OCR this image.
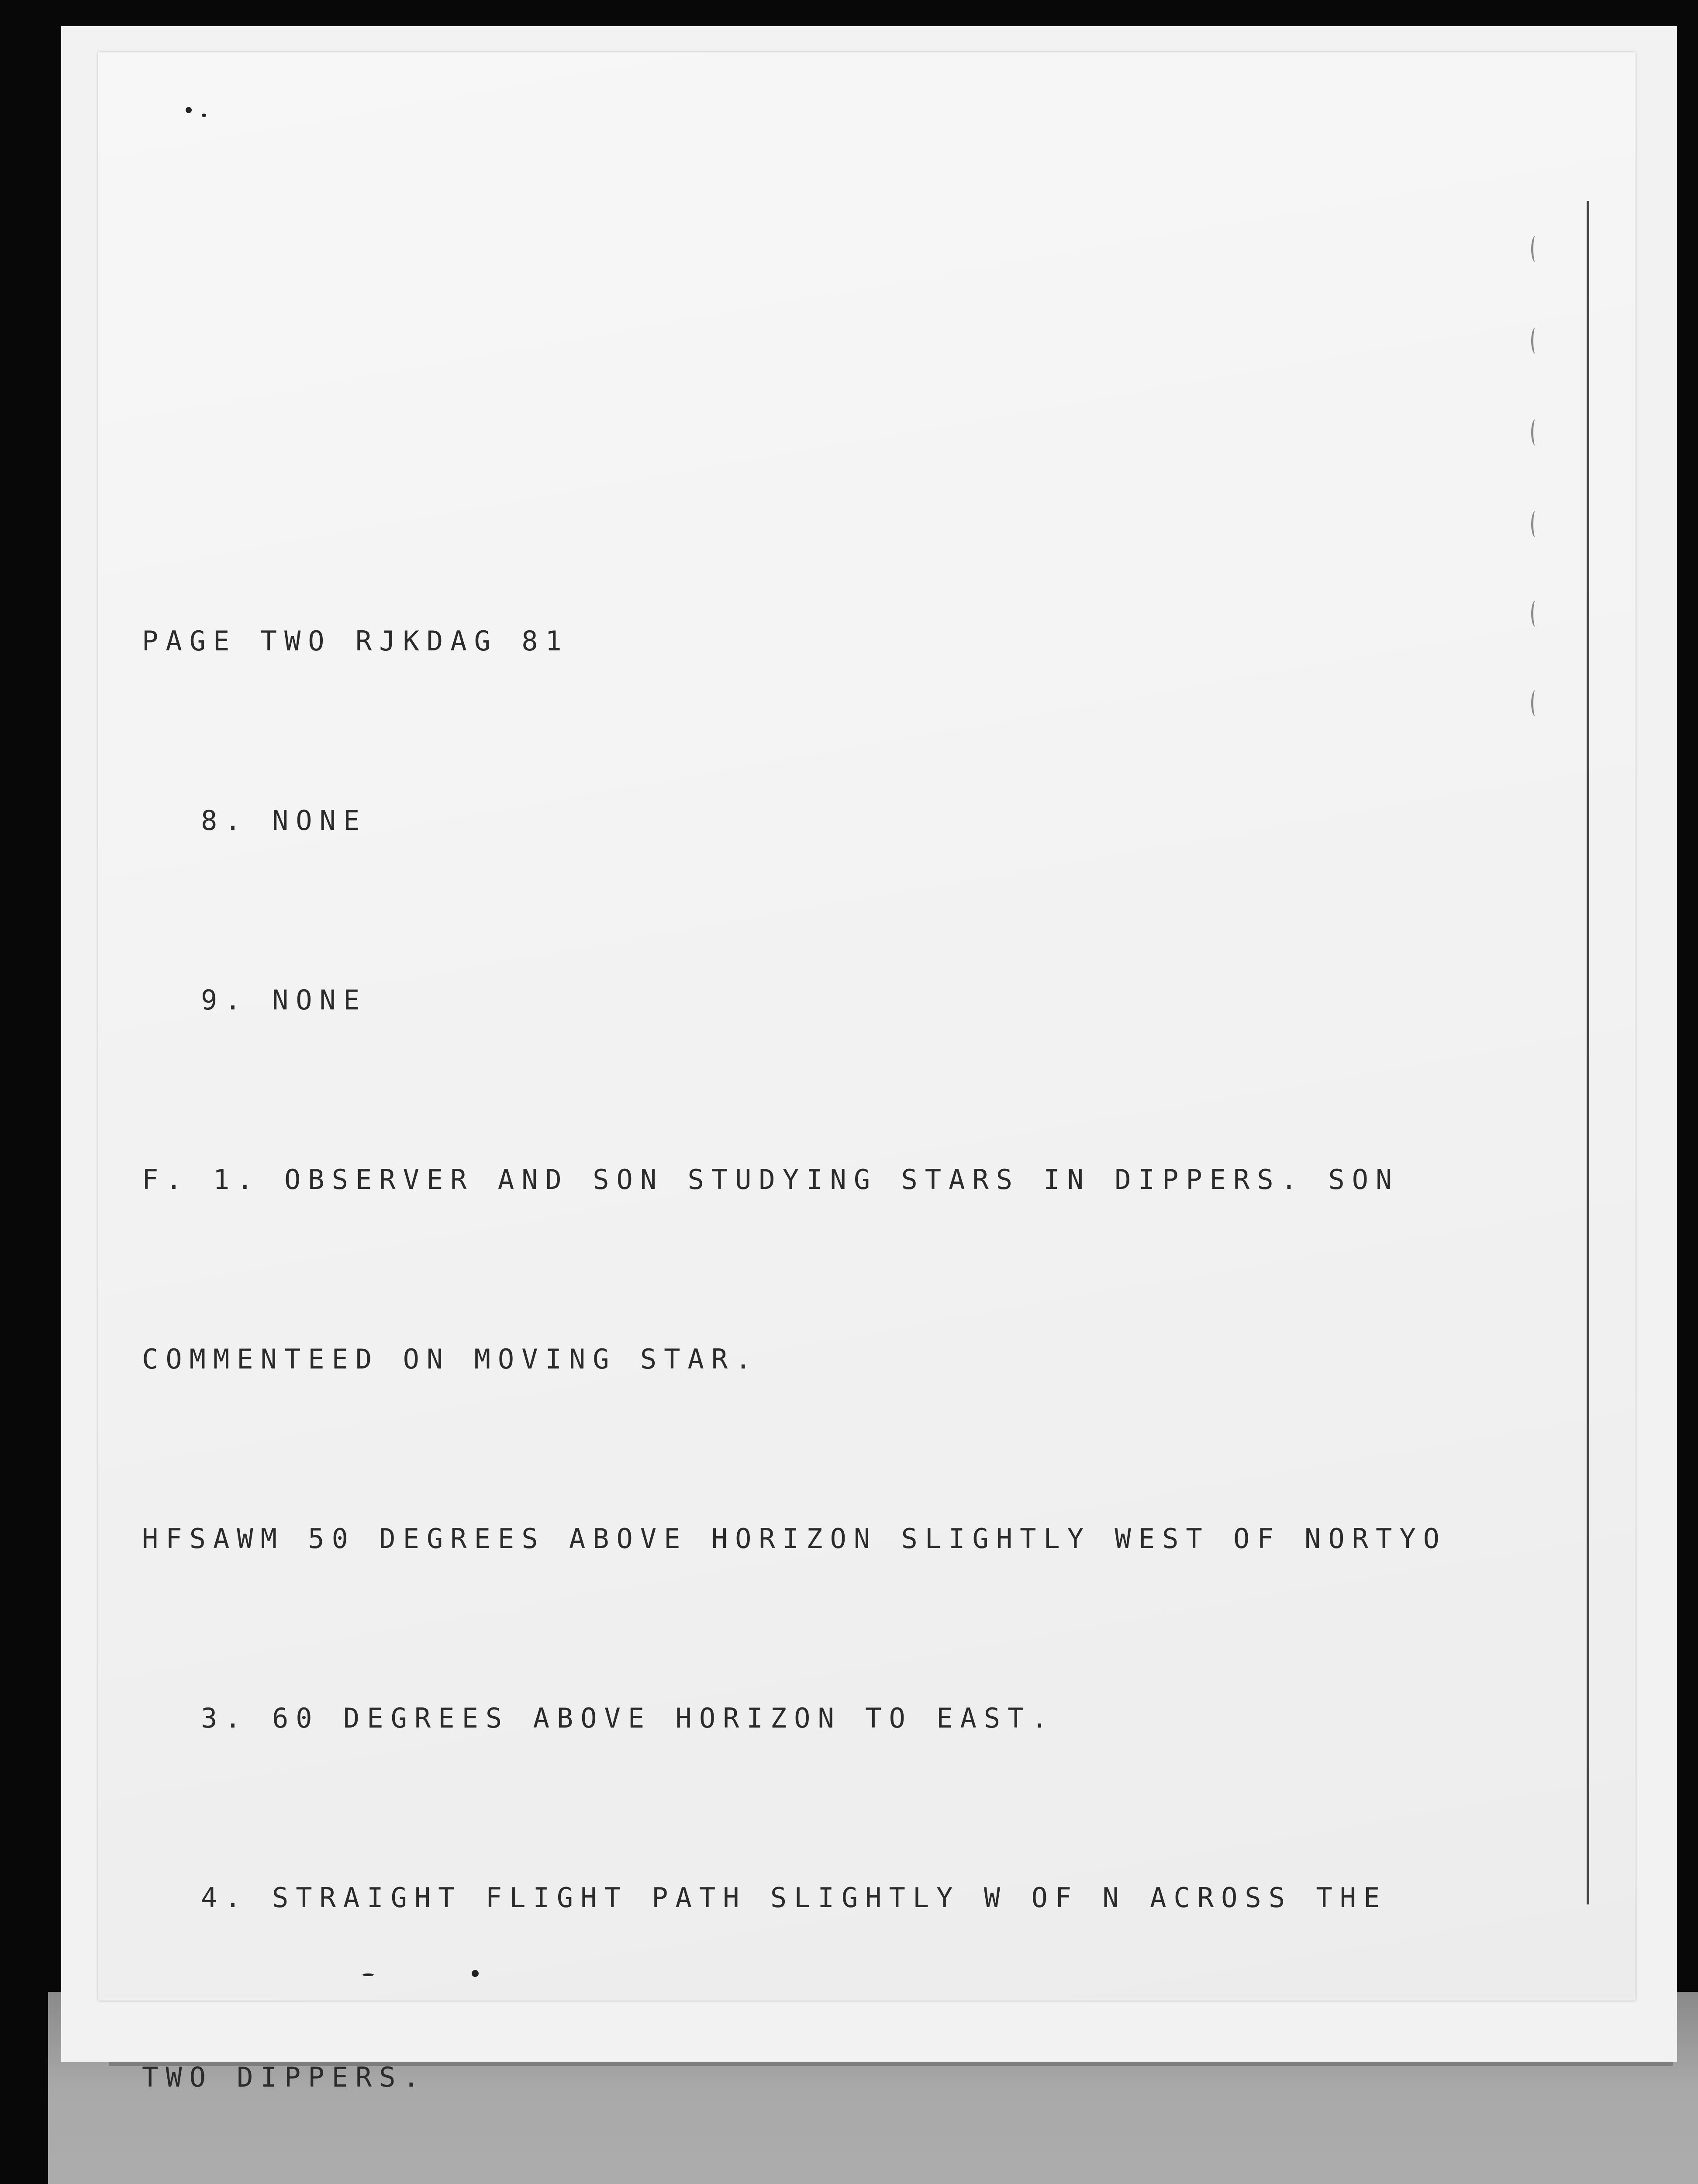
PAGE TWO RJKDAG 81

8. NONE

9. NONE

F. 1. OBSERVER AND SON STUDYING STARS IN DIPPERS. SON

COMMENTEED ON MOVING STAR.

HFSAWM 50 DEGREES ABOVE HORIZON SLIGHTLY WEST OF NORTYO

3. 60 DEGREES ABOVE HORIZON TO EAST.

4. STRAIGHT FLIGHT PATH SLIGHTLY W OF N ACROSS THE

TWO DIPPERS.
